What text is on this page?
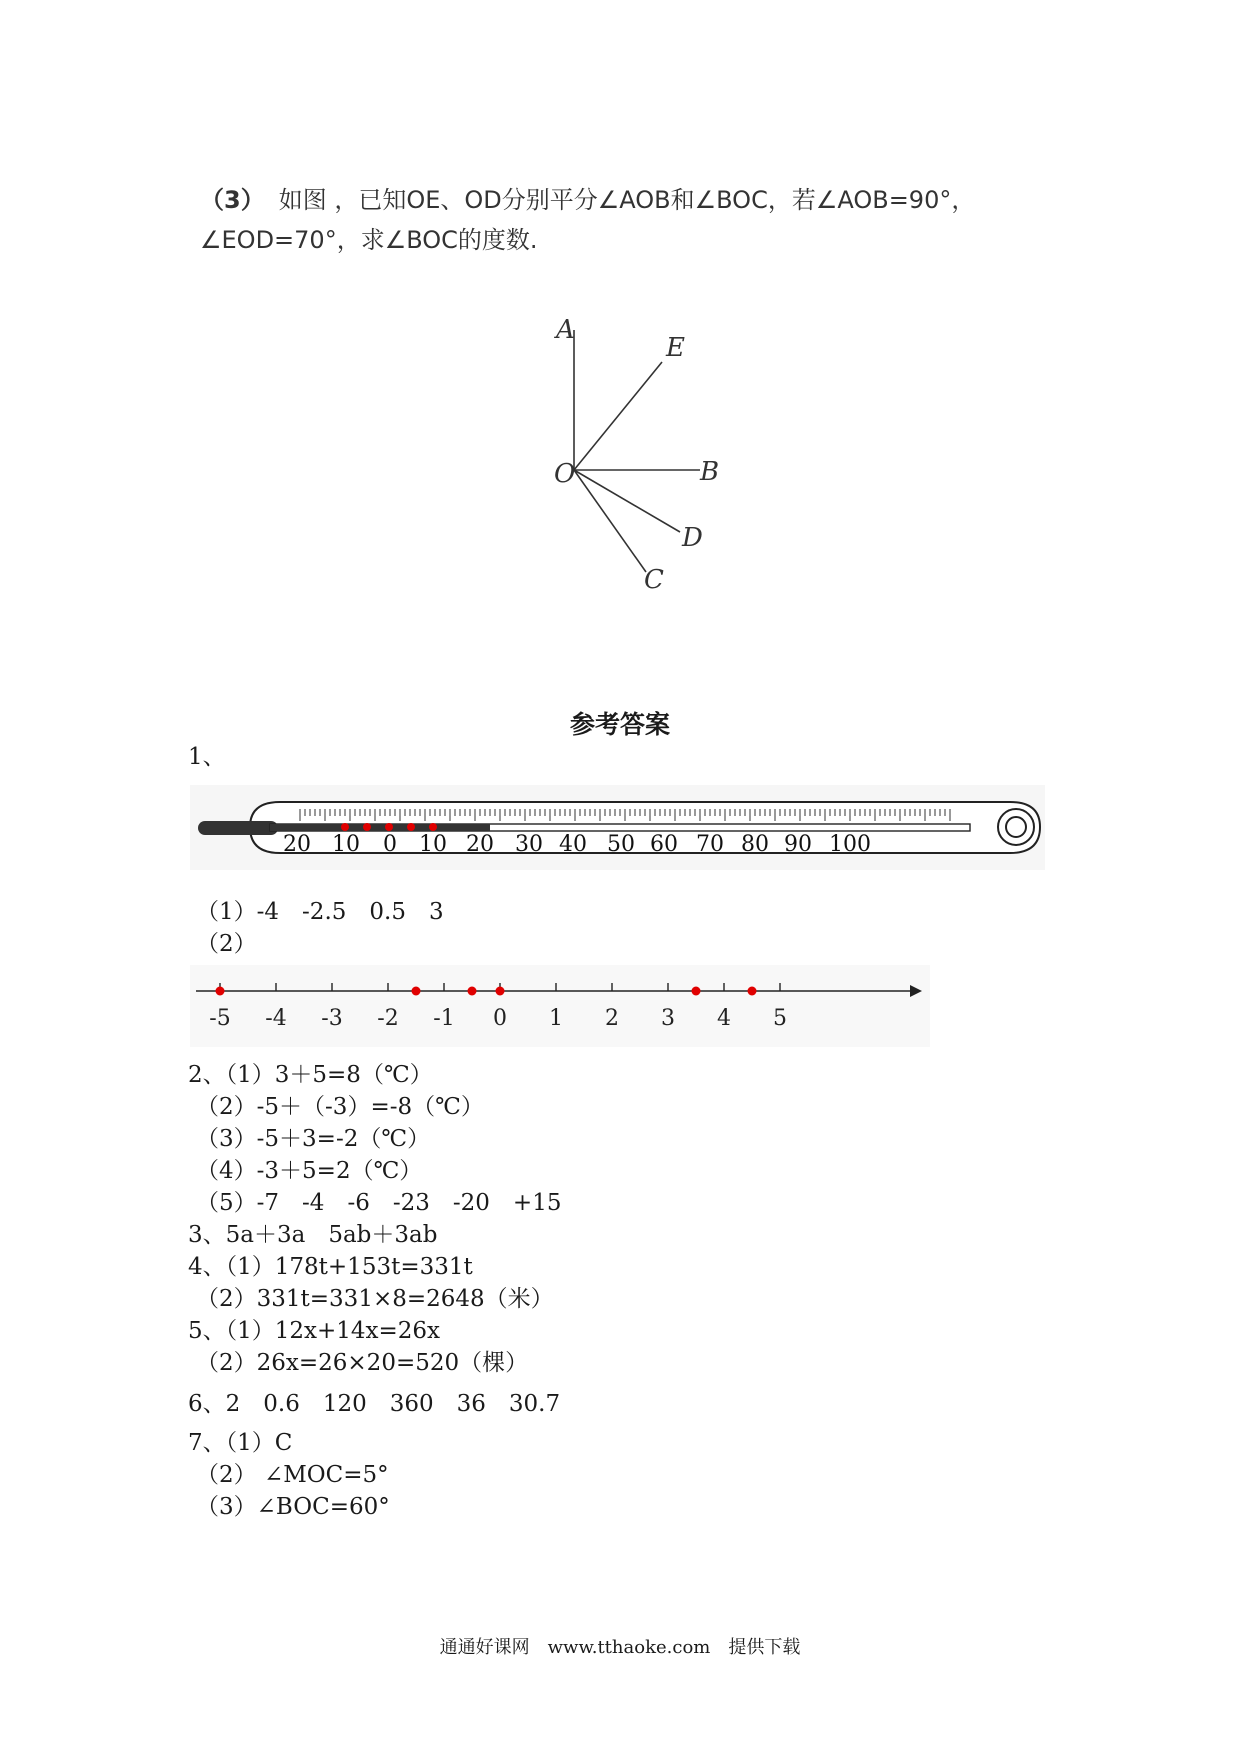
（3） 如图 ，已知OE、OD分别平分∠AOB和∠BOC，若∠AOB=90°，∠EOD=70°，求∠BOC的度数.
A
E
O	B
D
C
参考答案
1、
20 10 0 10 20 30 40 50 60 70 80 90 100
（1）-4　-2.5　0.5　3
（2）
-5 -4 -3 -2 -1 0 1 2 3 4 5
2、（1）3＋5=8（℃）
（2）-5＋（-3）=-8（℃）
（3）-5＋3=-2（℃）
（4）-3＋5=2（℃）
（5）-7　-4　-6　-23　-20　+15
3、5a＋3a　5ab＋3ab
4、（1）178t+153t=331t
（2）331t=331×8=2648（米）
5、（1）12x+14x=26x
（2）26x=26×20=520（棵）
6、2　0.6　120　360　36　30.7
7、（1）C
（2） ∠MOC=5°
（3）∠BOC=60°
通通好课网　www.tthaoke.com　提供下载
